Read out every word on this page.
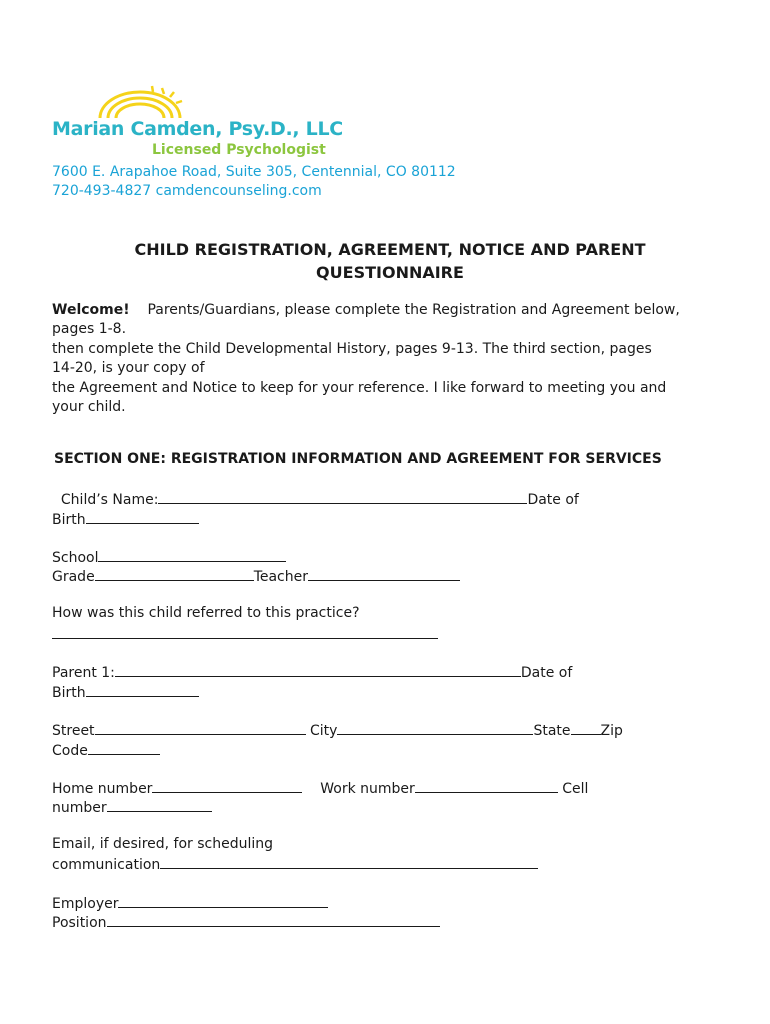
Marian Camden, Psy.D., LLC
Licensed Psychologist
7600 E. Arapahoe Road, Suite 305, Centennial, CO 80112
720-493-4827 camdencounseling.com
CHILD REGISTRATION, AGREEMENT, NOTICE AND PARENT
QUESTIONNAIRE
Welcome! Parents/Guardians, please complete the Registration and Agreement below,
pages 1-8.
then complete the Child Developmental History, pages 9-13. The third section, pages
14-20, is your copy of
the Agreement and Notice to keep for your reference. I like forward to meeting you and
your child.
SECTION ONE: REGISTRATION INFORMATION AND AGREEMENT FOR SERVICES
Child’s Name:	Date of
Birth
School
Grade	Teacher
How was this child referred to this practice?
Parent 1:	Date of
Birth
Street	City	State Zip
Code
Home number	Work number	Cell
number
Email, if desired, for scheduling
communication
Employer
Position
